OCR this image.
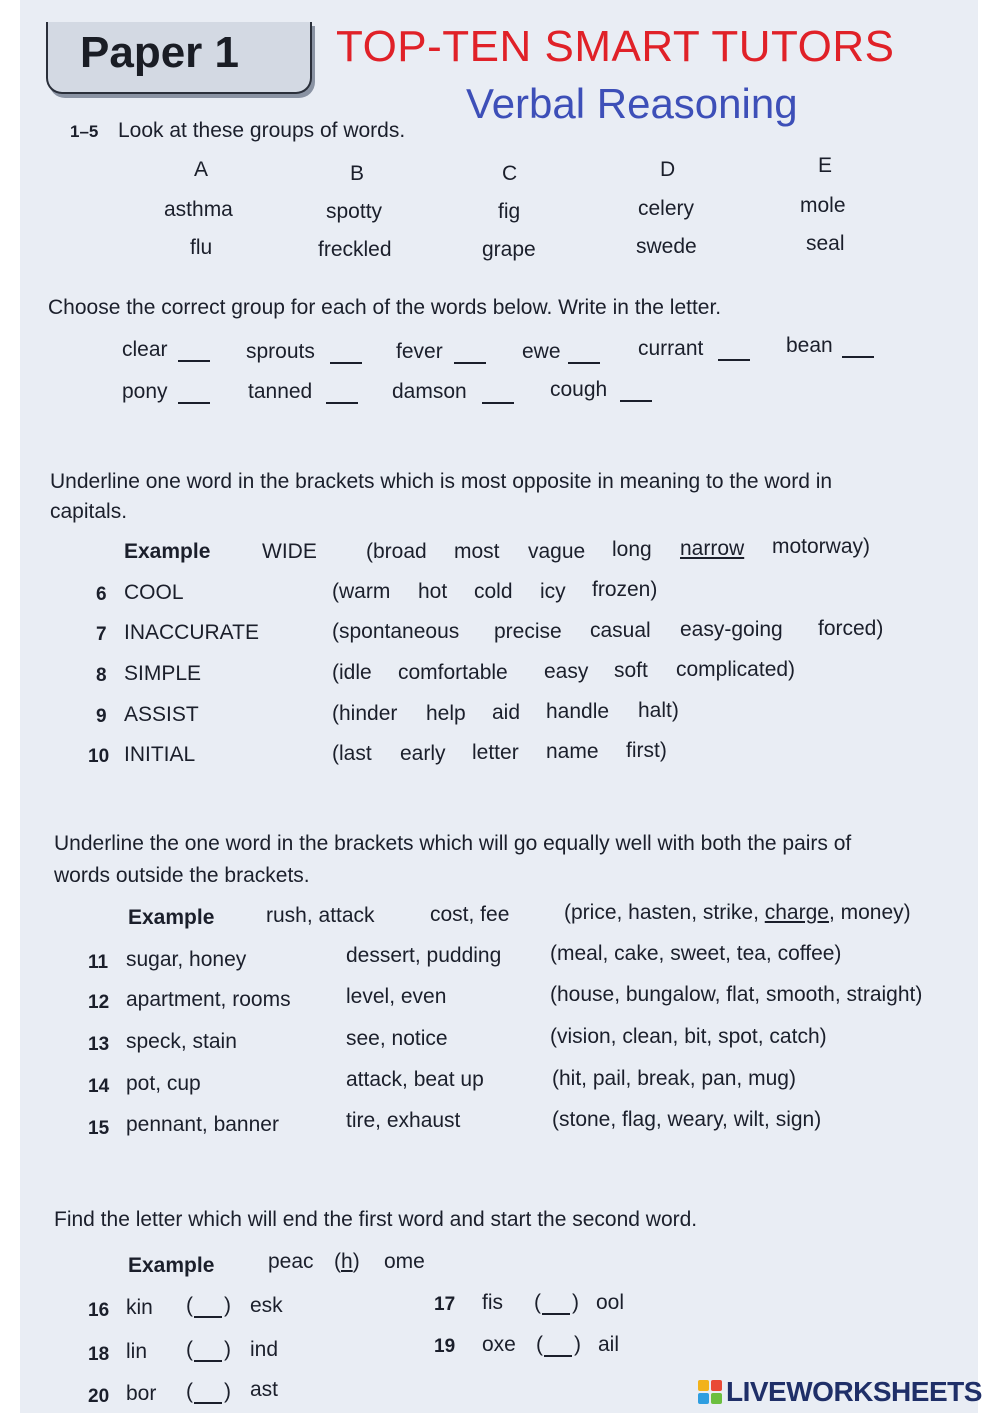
Paper 1 TOP-TEN SMART TUTORS
Verbal Reasoning
1–5 Look at these groups of words.
A	B	C	D	E
asthma	spotty	fig	celery	mole
flu	freckled	grape	swede	seal
Choose the correct group for each of the words below. Write in the letter.
clear	sprouts	fever	ewe	currant	bean
pony	tanned	damson	cough
Underline one word in the brackets which is most opposite in meaning to the word in
capitals.
Example WIDE (broad most vague long narrow motorway)
6 COOL	(warm hot cold icy frozen)
7 INACCURATE	(spontaneous precise casual easy-going forced)
8 SIMPLE	(idle comfortable easy soft complicated)
9 ASSIST	(hinder help aid handle halt)
10 INITIAL	(last early letter name first)
Underline the one word in the brackets which will go equally well with both the pairs of
words outside the brackets.
Example rush, attack	cost, fee	(price, hasten, strike, charge, money)
11 sugar, honey	dessert, pudding (meal, cake, sweet, tea, coffee)
12 apartment, rooms	level, even	(house, bungalow, flat, smooth, straight)
13 speck, stain	see, notice	(vision, clean, bit, spot, catch)
14 pot, cup	attack, beat up	(hit, pail, break, pan, mug)
15 pennant, banner	tire, exhaust	(stone, flag, weary, wilt, sign)
Find the letter which will end the first word and start the second word.
Example	peac (h) ome
16 kin ( ) esk	17 fis ( ) ool
18 lin ( ) ind	19 oxe ( ) ail
20 bor ( ) ast	LIVEWORKSHEETS
